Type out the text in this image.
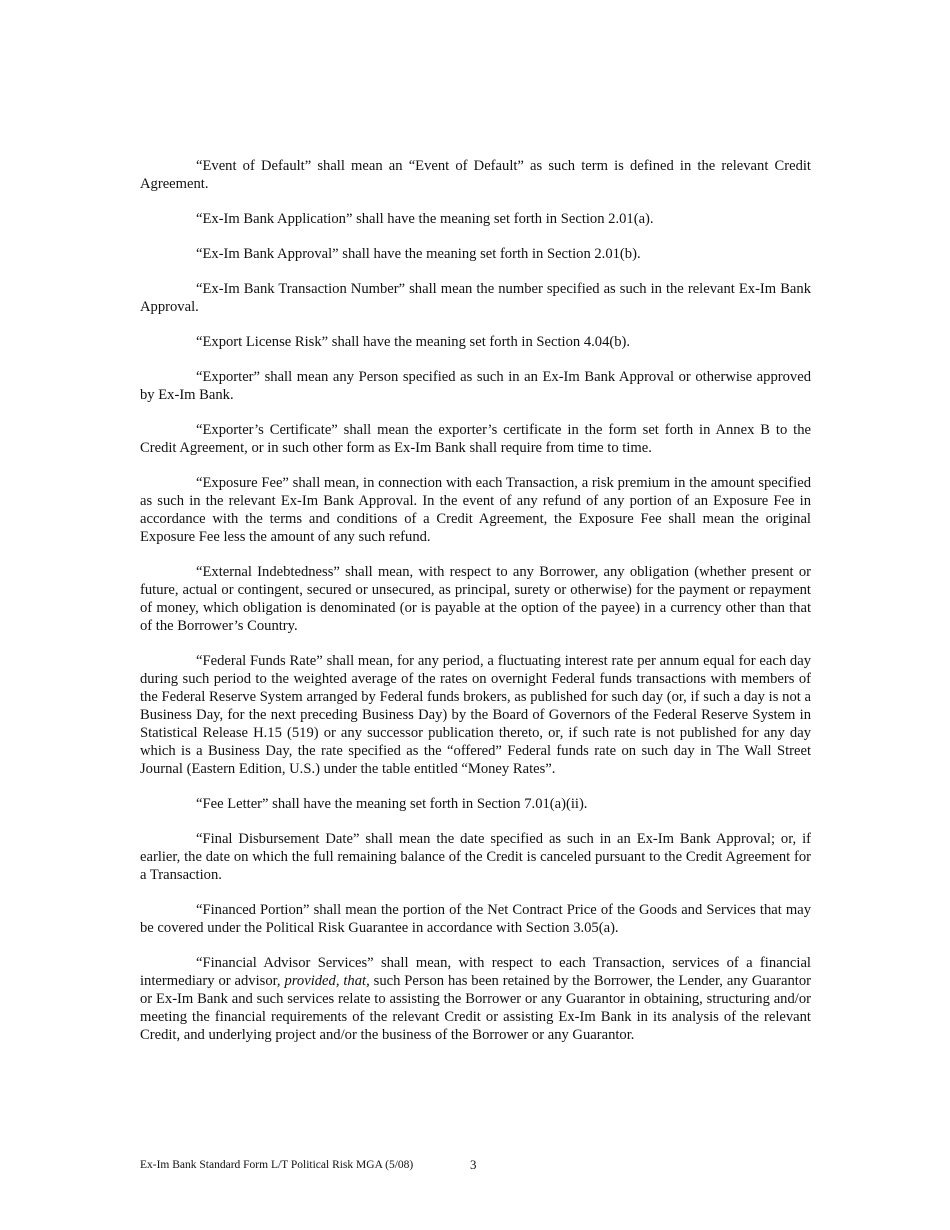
“Event of Default” shall mean an “Event of Default” as such term is defined in the relevant Credit Agreement.

“Ex-Im Bank Application” shall have the meaning set forth in Section 2.01(a).

“Ex-Im Bank Approval” shall have the meaning set forth in Section 2.01(b).

“Ex-Im Bank Transaction Number” shall mean the number specified as such in the relevant Ex-Im Bank Approval.

“Export License Risk” shall have the meaning set forth in Section 4.04(b).

“Exporter” shall mean any Person specified as such in an Ex-Im Bank Approval or otherwise approved by Ex-Im Bank.

“Exporter’s Certificate” shall mean the exporter’s certificate in the form set forth in Annex B to the Credit Agreement, or in such other form as Ex-Im Bank shall require from time to time.

“Exposure Fee” shall mean, in connection with each Transaction, a risk premium in the amount specified as such in the relevant Ex-Im Bank Approval. In the event of any refund of any portion of an Exposure Fee in accordance with the terms and conditions of a Credit Agreement, the Exposure Fee shall mean the original Exposure Fee less the amount of any such refund.

“External Indebtedness” shall mean, with respect to any Borrower, any obligation (whether present or future, actual or contingent, secured or unsecured, as principal, surety or otherwise) for the payment or repayment of money, which obligation is denominated (or is payable at the option of the payee) in a currency other than that of the Borrower’s Country.

“Federal Funds Rate” shall mean, for any period, a fluctuating interest rate per annum equal for each day during such period to the weighted average of the rates on overnight Federal funds transactions with members of the Federal Reserve System arranged by Federal funds brokers, as published for such day (or, if such a day is not a Business Day, for the next preceding Business Day) by the Board of Governors of the Federal Reserve System in Statistical Release H.15 (519) or any successor publication thereto, or, if such rate is not published for any day which is a Business Day, the rate specified as the “offered” Federal funds rate on such day in The Wall Street Journal (Eastern Edition, U.S.) under the table entitled “Money Rates”.

“Fee Letter” shall have the meaning set forth in Section 7.01(a)(ii).

“Final Disbursement Date” shall mean the date specified as such in an Ex-Im Bank Approval; or, if earlier, the date on which the full remaining balance of the Credit is canceled pursuant to the Credit Agreement for a Transaction.

“Financed Portion” shall mean the portion of the Net Contract Price of the Goods and Services that may be covered under the Political Risk Guarantee in accordance with Section 3.05(a).

“Financial Advisor Services” shall mean, with respect to each Transaction, services of a financial intermediary or advisor, provided, that, such Person has been retained by the Borrower, the Lender, any Guarantor or Ex-Im Bank and such services relate to assisting the Borrower or any Guarantor in obtaining, structuring and/or meeting the financial requirements of the relevant Credit or assisting Ex-Im Bank in its analysis of the relevant Credit, and underlying project and/or the business of the Borrower or any Guarantor.

Ex-Im Bank Standard Form L/T Political Risk MGA (5/08)	3
